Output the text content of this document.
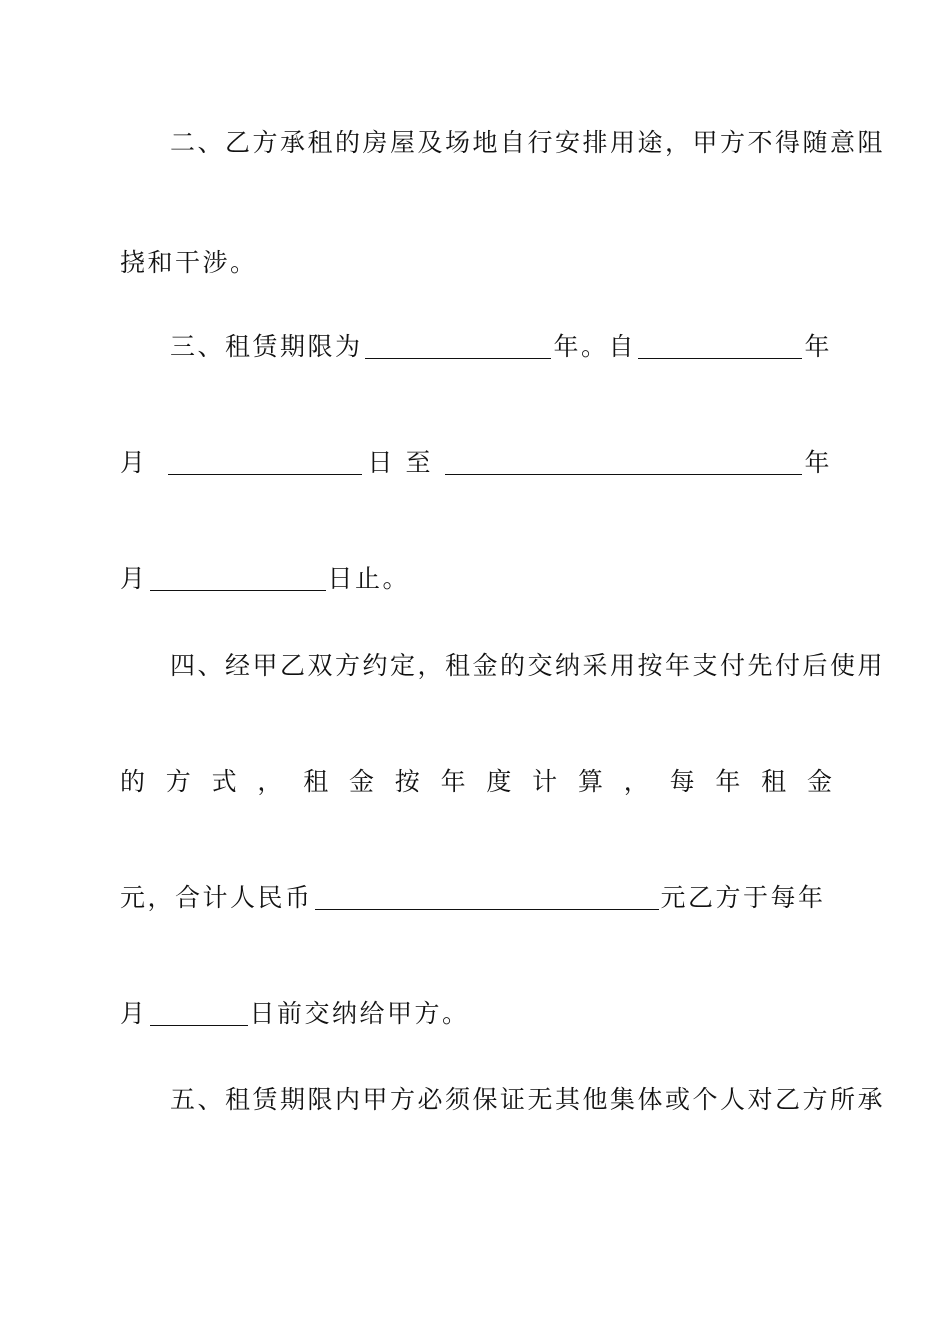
二、乙方承租的房屋及场地自行安排用途，甲方不得随意阻
挠和干涉。
三、租赁期限为	年。自	年
月	日 至	年
月	日止。
四、经甲乙双方约定，租金的交纳采用按年支付先付后使用
的 方 式 ， 租 金 按 年 度 计 算 ， 每 年 租 金
元，合计人民币	元乙方于每年
月	日前交纳给甲方。
五、租赁期限内甲方必须保证无其他集体或个人对乙方所承
